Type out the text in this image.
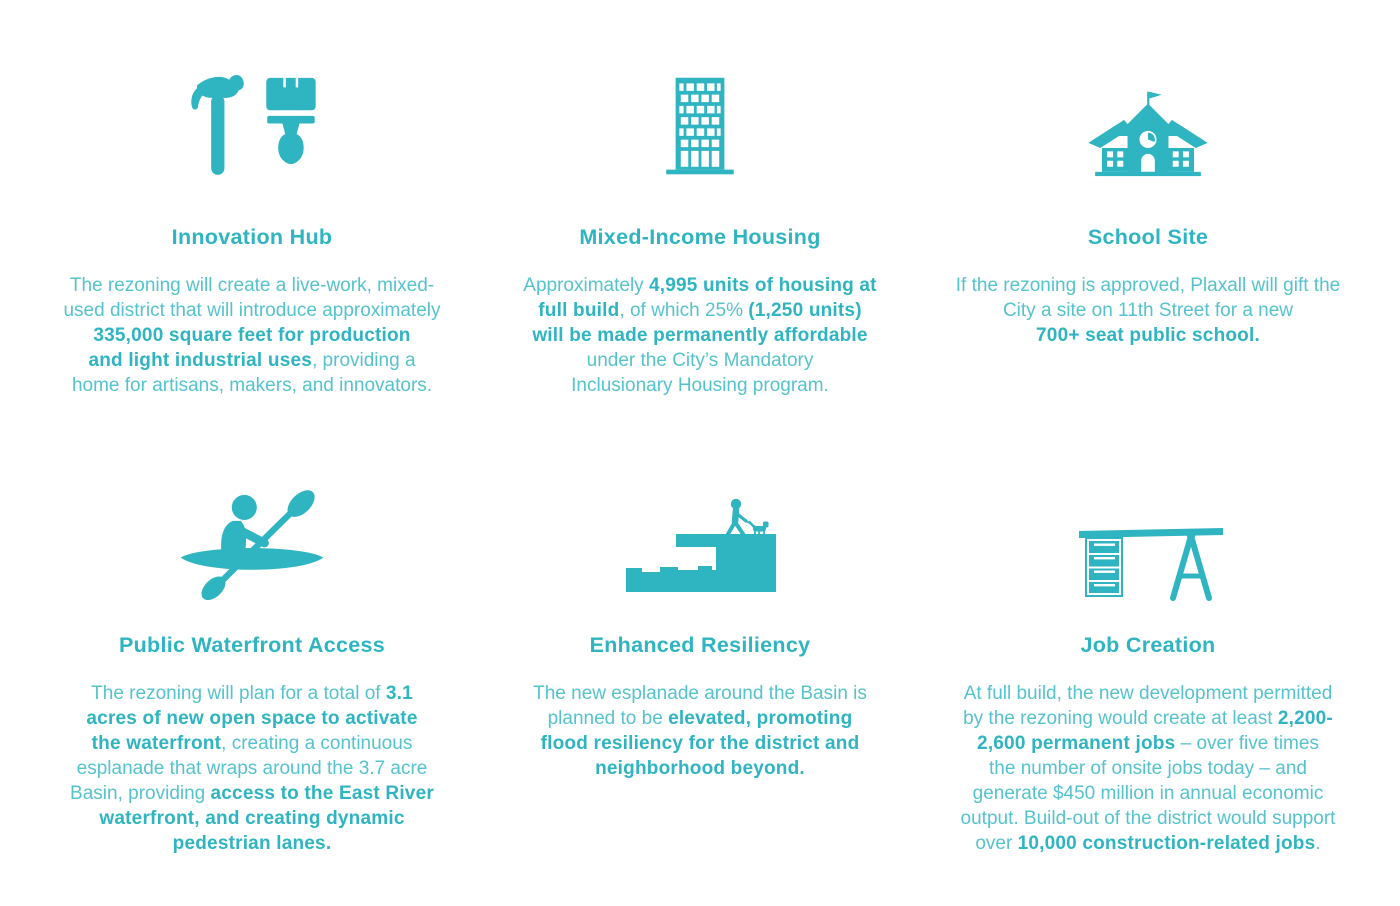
Innovation Hub
The rezoning will create a live-work, mixed-
used district that will introduce approximately
335,000 square feet for production
and light industrial uses, providing a
home for artisans, makers, and innovators.
Mixed-Income Housing
Approximately 4,995 units of housing at
full build, of which 25% (1,250 units)
will be made permanently affordable
under the City’s Mandatory
Inclusionary Housing program.
School Site
If the rezoning is approved, Plaxall will gift the
City a site on 11th Street for a new
700+ seat public school.
Public Waterfront Access
The rezoning will plan for a total of 3.1
acres of new open space to activate
the waterfront, creating a continuous
esplanade that wraps around the 3.7 acre
Basin, providing access to the East River
waterfront, and creating dynamic
pedestrian lanes.
Enhanced Resiliency
The new esplanade around the Basin is
planned to be elevated, promoting
flood resiliency for the district and
neighborhood beyond.
Job Creation
At full build, the new development permitted
by the rezoning would create at least 2,200-
2,600 permanent jobs – over five times
the number of onsite jobs today – and
generate $450 million in annual economic
output. Build-out of the district would support
over 10,000 construction-related jobs.
